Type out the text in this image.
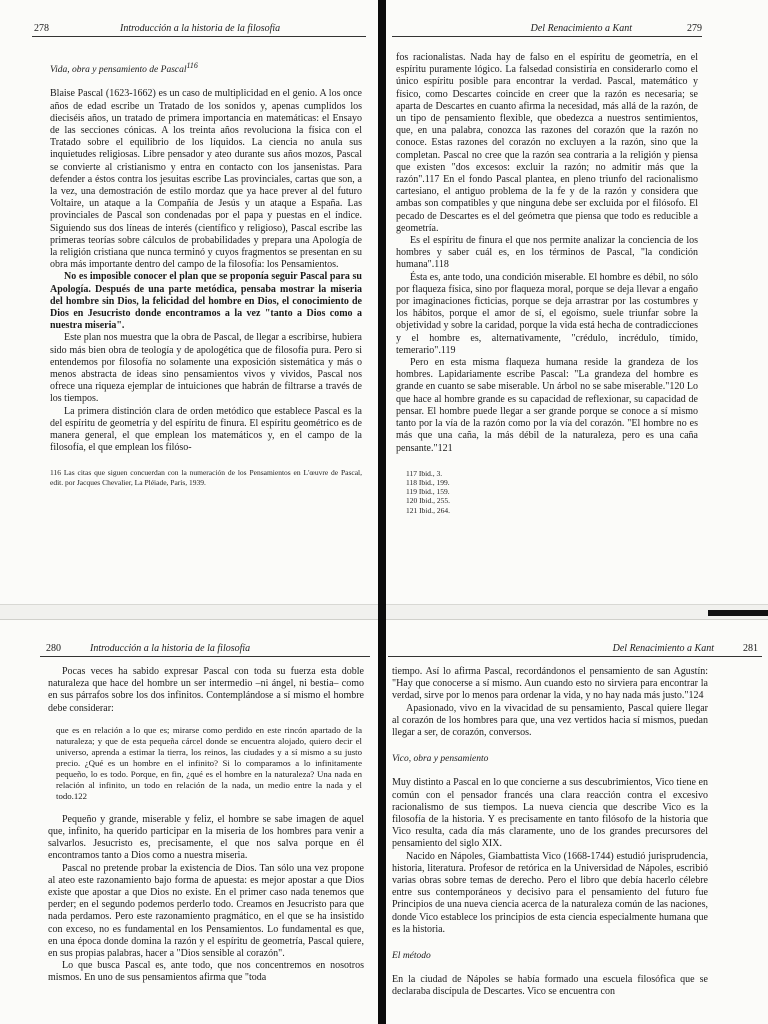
278	Introducción a la historia de la filosofía
Vida, obra y pensamiento de Pascal$^{116}$

Blaise Pascal (1623-1662) es un caso de multiplicidad en el genio. A los once años de edad escribe un Tratado de los sonidos y, apenas cumplidos los dieciséis años, un tratado de primera importancia en matemáticas: el Ensayo de las secciones cónicas. A los treinta años revoluciona la física con el Tratado sobre el equilibrio de los líquidos. La ciencia no anula sus inquietudes religiosas. Libre pensador y ateo durante sus años mozos, Pascal se convierte al cristianismo y entra en contacto con los jansenistas. Para defender a éstos contra los jesuitas escribe Las provinciales, cartas que son, a la vez, una demostración de estilo mordaz que ya hace prever al del futuro Voltaire, un ataque a la Compañía de Jesús y un ataque a España. Las provinciales de Pascal son condenadas por el papa y puestas en el índice. Siguiendo sus dos líneas de interés (científico y religioso), Pascal escribe las primeras teorías sobre cálculos de probabilidades y prepara una Apología de la religión cristiana que nunca terminó y cuyos fragmentos se presentan en su obra más importante dentro del campo de la filosofía: los Pensamientos.

No es imposible conocer el plan que se proponía seguir Pascal para su Apología. Después de una parte metódica, pensaba mostrar la miseria del hombre sin Dios, la felicidad del hombre en Dios, el conocimiento de Dios en Jesucristo donde encontramos a la vez "tanto a Dios como a nuestra miseria".

Este plan nos muestra que la obra de Pascal, de llegar a escribirse, hubiera sido más bien obra de teología y de apologética que de filosofía pura. Pero si entendemos por filosofía no solamente una exposición sistemática y más o menos abstracta de ideas sino pensamientos vivos y vividos, Pascal nos ofrece una riqueza ejemplar de intuiciones que habrán de filtrarse a través de los tiempos.

La primera distinción clara de orden metódico que establece Pascal es la del espíritu de geometría y del espíritu de finura. El espíritu geométrico es de manera general, el que emplean los matemáticos y, en el campo de la filosofía, el que emplean los filóso-

116 Las citas que siguen concuerdan con la numeración de los Pensamientos en L'œuvre de Pascal, edit. por Jacques Chevalier, La Pléiade, París, 1939.
Del Renacimiento a Kant	279

fos racionalistas. Nada hay de falso en el espíritu de geometría, en el espíritu puramente lógico. La falsedad consistiría en considerarlo como el único espíritu posible para encontrar la verdad. Pascal, matemático y físico, como Descartes coincide en creer que la razón es necesaria; se aparta de Descartes en cuanto afirma la necesidad, más allá de la razón, de un tipo de pensamiento flexible, que obedezca a nuestros sentimientos, que, en una palabra, conozca las razones del corazón que la razón no conoce. Estas razones del corazón no excluyen a la razón, sino que la completan. Pascal no cree que la razón sea contraria a la religión y piensa que existen "dos excesos: excluir la razón; no admitir más que la razón".117 En el fondo Pascal plantea, en pleno triunfo del racionalismo cartesiano, el antiguo problema de la fe y de la razón y considera que ambas son compatibles y que ninguna debe ser excluida por el filósofo. El pecado de Descartes es el del geómetra que piensa que todo es reducible a geometría.

Es el espíritu de finura el que nos permite analizar la conciencia de los hombres y saber cuál es, en los términos de Pascal, "la condición humana".118

Ésta es, ante todo, una condición miserable. El hombre es débil, no sólo por flaqueza física, sino por flaqueza moral, porque se deja llevar a engaño por imaginaciones ficticias, porque se deja arrastrar por las costumbres y los hábitos, porque el amor de sí, el egoísmo, suele triunfar sobre la objetividad y sobre la caridad, porque la vida está hecha de contradicciones y el hombre es, alternativamente, "crédulo, incrédulo, tímido, temerario".119

Pero en esta misma flaqueza humana reside la grandeza de los hombres. Lapidariamente escribe Pascal: "La grandeza del hombre es grande en cuanto se sabe miserable. Un árbol no se sabe miserable."120 Lo que hace al hombre grande es su capacidad de reflexionar, su capacidad de pensar. El hombre puede llegar a ser grande porque se conoce a sí mismo tanto por la vía de la razón como por la vía del corazón. "El hombre no es más que una caña, la más débil de la naturaleza, pero es una caña pensante."121

117 Ibid., 3.
118 Ibid., 199.
119 Ibid., 159.
120 Ibid., 255.
121 Ibid., 264.
280	Introducción a la historia de la filosofía

Pocas veces ha sabido expresar Pascal con toda su fuerza esta doble naturaleza que hace del hombre un ser intermedio –ni ángel, ni bestia– como en sus párrafos sobre los dos infinitos. Contemplándose a sí mismo el hombre debe considerar:

que es en relación a lo que es; mirarse como perdido en este rincón apartado de la naturaleza; y que de esta pequeña cárcel donde se encuentra alojado, quiero decir el universo, aprenda a estimar la tierra, los reinos, las ciudades y a sí mismo a su justo precio. ¿Qué es un hombre en el infinito? Si lo comparamos a lo infinitamente pequeño, lo es todo. Porque, en fin, ¿qué es el hombre en la naturaleza? Una nada en relación al infinito, un todo en relación de la nada, un medio entre la nada y el todo.122

Pequeño y grande, miserable y feliz, el hombre se sabe imagen de aquel que, infinito, ha querido participar en la miseria de los hombres para venir a salvarlos. Jesucristo es, precisamente, el que nos salva porque en él encontramos tanto a Dios como a nuestra miseria.

Pascal no pretende probar la existencia de Dios. Tan sólo una vez propone al ateo este razonamiento bajo forma de apuesta: es mejor apostar a que Dios existe que apostar a que Dios no existe. En el primer caso nada tenemos que perder; en el segundo podemos perderlo todo. Creamos en Jesucristo para que nada perdamos. Pero este razonamiento pragmático, en el que se ha insistido con exceso, no es fundamental en los Pensamientos. Lo fundamental es que, en una época donde domina la razón y el espíritu de geometría, Pascal quiere, en sus propias palabras, hacer a "Dios sensible al corazón".

Lo que busca Pascal es, ante todo, que nos concentremos en nosotros mismos. En uno de sus pensamientos afirma que "toda

Del Renacimiento a Kant	281

tiempo. Así lo afirma Pascal, recordándonos el pensamiento de san Agustín: "Hay que conocerse a sí mismo. Aun cuando esto no sirviera para encontrar la verdad, sirve por lo menos para ordenar la vida, y no hay nada más justo."124

Apasionado, vivo en la vivacidad de su pensamiento, Pascal quiere llegar al corazón de los hombres para que, una vez vertidos hacia sí mismos, puedan llegar a ser, de corazón, conversos.

Vico, obra y pensamiento

Muy distinto a Pascal en lo que concierne a sus descubrimientos, Vico tiene en común con el pensador francés una clara reacción contra el excesivo racionalismo de sus tiempos. La nueva ciencia que describe Vico es la filosofía de la historia. Y es precisamente en tanto filósofo de la historia que Vico resulta, cada día más claramente, uno de los grandes precursores del pensamiento del siglo XIX.

Nacido en Nápoles, Giambattista Vico (1668-1744) estudió jurisprudencia, historia, literatura. Profesor de retórica en la Universidad de Nápoles, escribió varias obras sobre temas de derecho. Pero el libro que debía hacerlo célebre entre sus contemporáneos y decisivo para el pensamiento del futuro fue Principios de una nueva ciencia acerca de la naturaleza común de las naciones, donde Vico establece los principios de esta ciencia especialmente humana que es la historia.

El método

En la ciudad de Nápoles se había formado una escuela filosófica que se declaraba discípula de Descartes. Vico se encuentra con
